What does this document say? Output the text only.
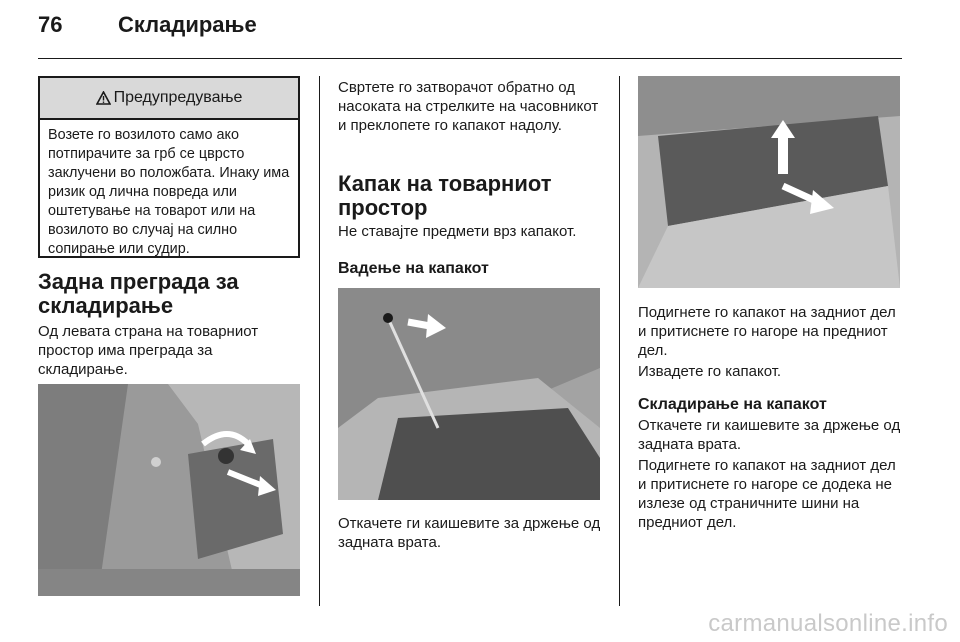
76	Складирање
Предупредување
Возете го возилото само ако потпирачите за грб се цврсто заклучени во положбата. Инаку има ризик од лична повреда или оштетување на товарот или на возилото во случај на силно сопирање или судир.
Задна преграда за складирање

Од левата страна на товарниот простор има преграда за складирање.

Свртете го затворачот обратно од насоката на стрелките на часовникот и преклопете го капакот надолу.

Капак на товарниот простор

Не ставајте предмети врз капакот.

Вадење на капакот

Откачете ги каишевите за држење од задната врата.

Подигнете го капакот на задниот дел и притиснете го нагоре на предниот дел.

Извадете го капакот.

Складирање на капакот

Откачете ги каишевите за држење од задната врата.

Подигнете го капакот на задниот дел и притиснете го нагоре се додека не излезе од страничните шини на предниот дел.

carmanualsonline.info
